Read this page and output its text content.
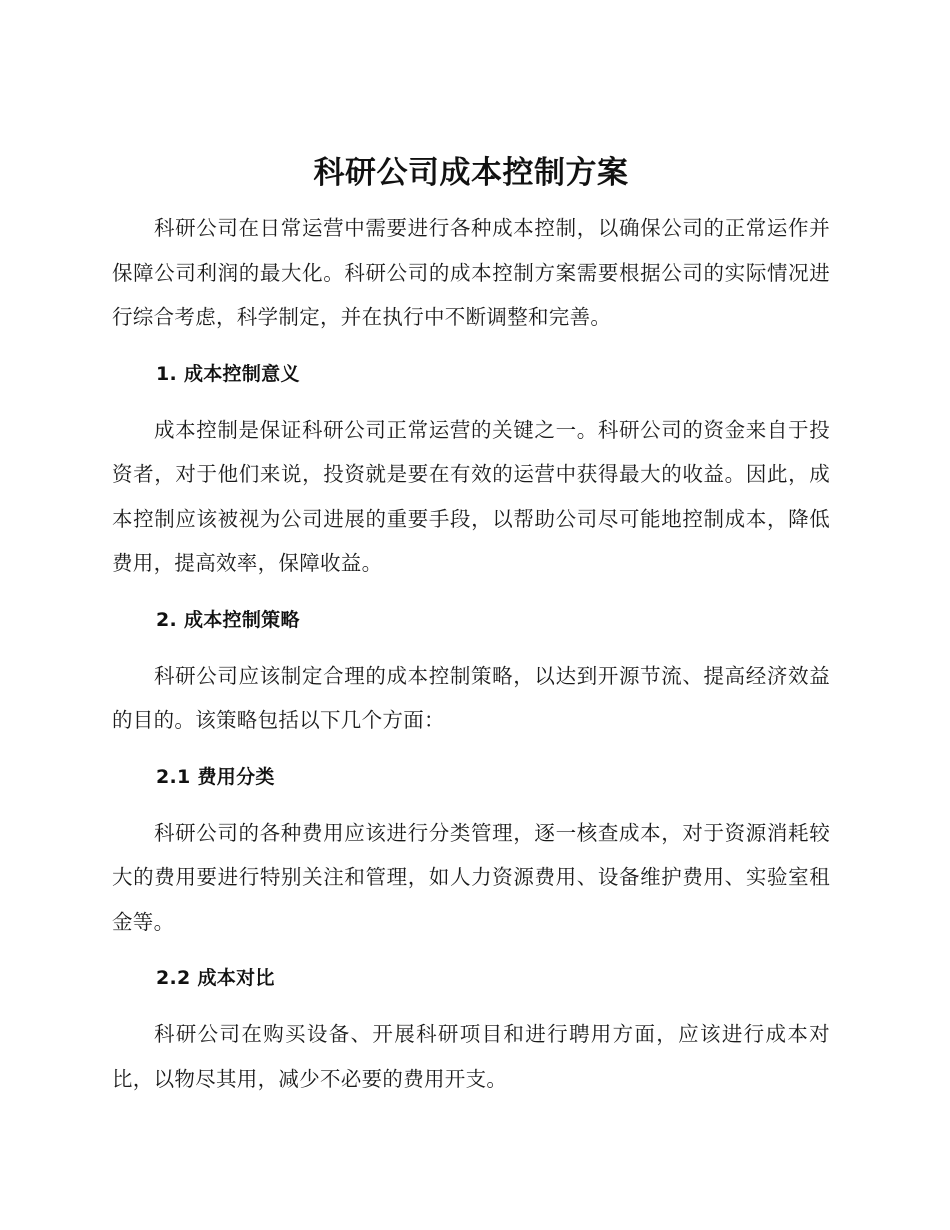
科研公司成本控制方案

科研公司在日常运营中需要进行各种成本控制，以确保公司的正常运作并保障公司利润的最大化。科研公司的成本控制方案需要根据公司的实际情况进行综合考虑，科学制定，并在执行中不断调整和完善。

1. 成本控制意义

成本控制是保证科研公司正常运营的关键之一。科研公司的资金来自于投资者，对于他们来说，投资就是要在有效的运营中获得最大的收益。因此，成本控制应该被视为公司进展的重要手段，以帮助公司尽可能地控制成本，降低费用，提高效率，保障收益。

2. 成本控制策略

科研公司应该制定合理的成本控制策略，以达到开源节流、提高经济效益的目的。该策略包括以下几个方面：

2.1 费用分类

科研公司的各种费用应该进行分类管理，逐一核查成本，对于资源消耗较大的费用要进行特别关注和管理，如人力资源费用、设备维护费用、实验室租金等。

2.2 成本对比

科研公司在购买设备、开展科研项目和进行聘用方面，应该进行成本对比，以物尽其用，减少不必要的费用开支。
